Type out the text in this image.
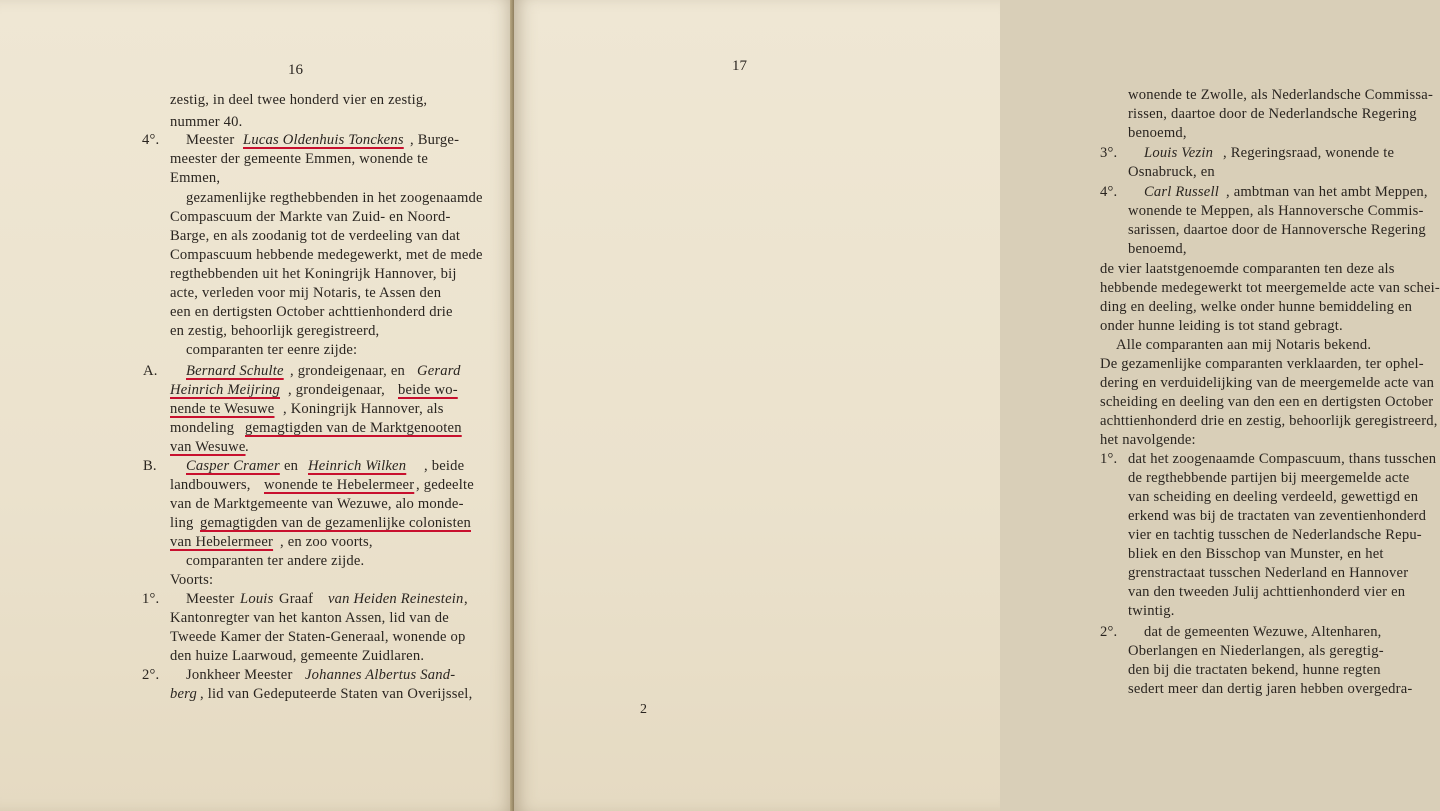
16
zestig, in deel twee honderd vier en zestig,
nummer 40.
4°. Meester Lucas Oldenhuis Tonckens , Burge-
meester der gemeente Emmen, wonende te
Emmen,
gezamenlijke regthebbenden in het zoogenaamde
Compascuum der Markte van Zuid- en Noord-
Barge, en als zoodanig tot de verdeeling van dat
Compascuum hebbende medegewerkt, met de mede
regthebbenden uit het Koningrijk Hannover, bij
acte, verleden voor mij Notaris, te Assen den
een en dertigsten October achttienhonderd drie
en zestig, behoorlijk geregistreerd,
comparanten ter eenre zijde:
A. Bernard Schulte , grondeigenaar, en Gerard
Heinrich Meijring , grondeigenaar, beide wo-
nende te Wesuwe , Koningrijk Hannover, als
mondeling gemagtigden van de Marktgenooten
van Wesuwe .
B. Casper Cramer en Heinrich Wilken , beide
landbouwers, wonende te Hebelermeer , gedeelte
van de Marktgemeente van Wezuwe, alo monde-
ling gemagtigden van de gezamenlijke colonisten
van Hebelermeer , en zoo voorts,
comparanten ter andere zijde.
Voorts:
1°. Meester Louis Graaf van Heiden Reinestein ,
Kantonregter van het kanton Assen, lid van de
Tweede Kamer der Staten-Generaal, wonende op
den huize Laarwoud, gemeente Zuidlaren.
2°. Jonkheer Meester Johannes Albertus Sand-
berg , lid van Gedeputeerde Staten van Overijssel,
17
wonende te Zwolle, als Nederlandsche Commissa-
rissen, daartoe door de Nederlandsche Regering
benoemd,
3°. Louis Vezin , Regeringsraad, wonende te
Osnabruck, en
4°. Carl Russell , ambtman van het ambt Meppen,
wonende te Meppen, als Hannoversche Commis-
sarissen, daartoe door de Hannoversche Regering
benoemd,
de vier laatstgenoemde comparanten ten deze als
hebbende medegewerkt tot meergemelde acte van schei-
ding en deeling, welke onder hunne bemiddeling en
onder hunne leiding is tot stand gebragt.
Alle comparanten aan mij Notaris bekend.
De gezamenlijke comparanten verklaarden, ter ophel-
dering en verduidelijking van de meergemelde acte van
scheiding en deeling van den een en dertigsten October
achttienhonderd drie en zestig, behoorlijk geregistreerd,
het navolgende:
1°. dat het zoogenaamde Compascuum, thans tusschen
de regthebbende partijen bij meergemelde acte
van scheiding en deeling verdeeld, gewettigd en
erkend was bij de tractaten van zeventienhonderd
vier en tachtig tusschen de Nederlandsche Repu-
bliek en den Bisschop van Munster, en het
grenstractaat tusschen Nederland en Hannover
van den tweeden Julij achttienhonderd vier en
twintig.
2°. dat de gemeenten Wezuwe, Altenharen,
Oberlangen en Niederlangen, als geregtig-
den bij die tractaten bekend, hunne regten
sedert meer dan dertig jaren hebben overgedra-
2
